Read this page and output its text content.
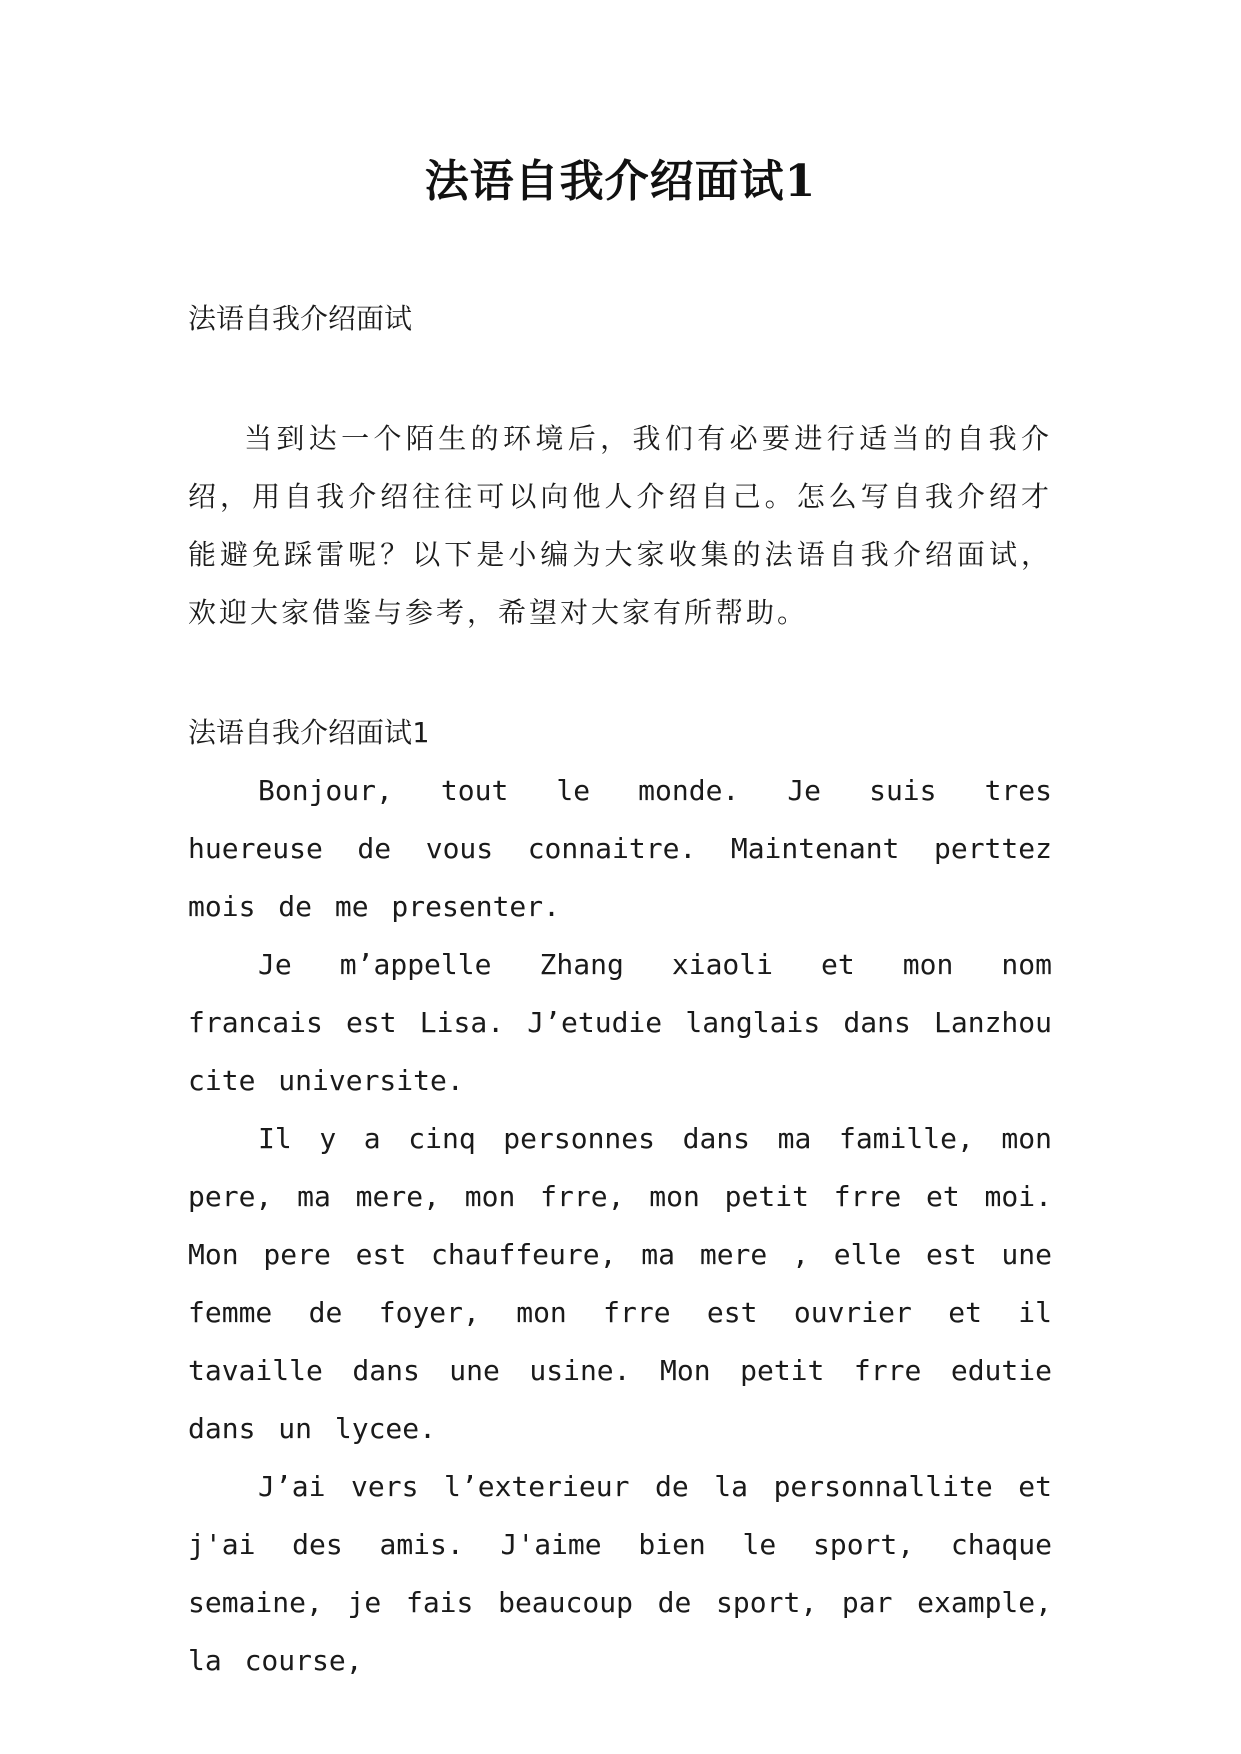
法语自我介绍面试1

法语自我介绍面试

当到达一个陌生的环境后，我们有必要进行适当的自我介绍，用自我介绍往往可以向他人介绍自己。怎么写自我介绍才能避免踩雷呢？以下是小编为大家收集的法语自我介绍面试，欢迎大家借鉴与参考，希望对大家有所帮助。

法语自我介绍面试1

Bonjour, tout le monde. Je suis tres huereuse de vous connaitre. Maintenant perttez mois de me presenter.

Je m’appelle Zhang xiaoli et mon nom francais est Lisa. J’etudie langlais dans Lanzhou cite universite.

Il y a cinq personnes dans ma famille, mon pere, ma mere, mon frre, mon petit frre et moi. Mon pere est chauffeure, ma mere , elle est une femme de foyer, mon frre est ouvrier et il tavaille dans une usine. Mon petit frre edutie dans un lycee.

J’ai vers l’exterieur de la personnallite et j'ai des amis. J'aime bien le sport, chaque semaine, je fais beaucoup de sport, par example, la course,
